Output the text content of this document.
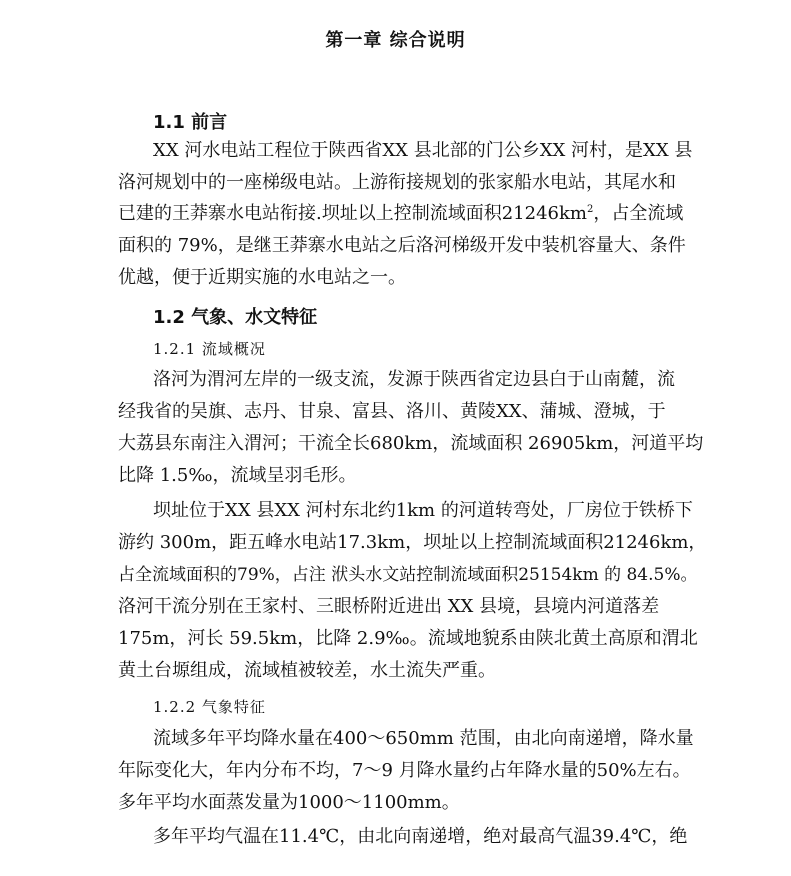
第一章 综合说明
1.1 前言
XX 河水电站工程位于陕西省XX 县北部的门公乡XX 河村，是XX 县
洛河规划中的一座梯级电站。上游衔接规划的张家船水电站，其尾水和
已建的王莽寨水电站衔接.坝址以上控制流域面积$21246km^2$，占全流域
面积的 79%，是继王莽寨水电站之后洛河梯级开发中装机容量大、条件
优越，便于近期实施的水电站之一。
1.2 气象、水文特征
1.2.1 流域概况
洛河为渭河左岸的一级支流，发源于陕西省定边县白于山南麓，流
经我省的吴旗、志丹、甘泉、富县、洛川、黄陵XX、蒲城、澄城，于
大荔县东南注入渭河；干流全长680km，流域面积 26905km，河道平均
比降 1.5‰，流域呈羽毛形。
坝址位于XX 县XX 河村东北约1km 的河道转弯处，厂房位于铁桥下
游约 300m，距五峰水电站17.3km，坝址以上控制流域面积21246km，
占全流域面积的79%，占注 洑头水文站控制流域面积25154km 的 84.5%。
洛河干流分别在王家村、三眼桥附近进出 XX 县境，县境内河道落差
175m，河长 59.5km，比降 2.9‰。流域地貌系由陕北黄土高原和渭北
黄土台塬组成，流域植被较差，水土流失严重。
1.2.2 气象特征
流域多年平均降水量在400～650mm 范围，由北向南递增，降水量
年际变化大，年内分布不均，7～9 月降水量约占年降水量的50%左右。
多年平均水面蒸发量为1000～1100mm。
多年平均气温在11.4℃，由北向南递增，绝对最高气温39.4℃，绝
